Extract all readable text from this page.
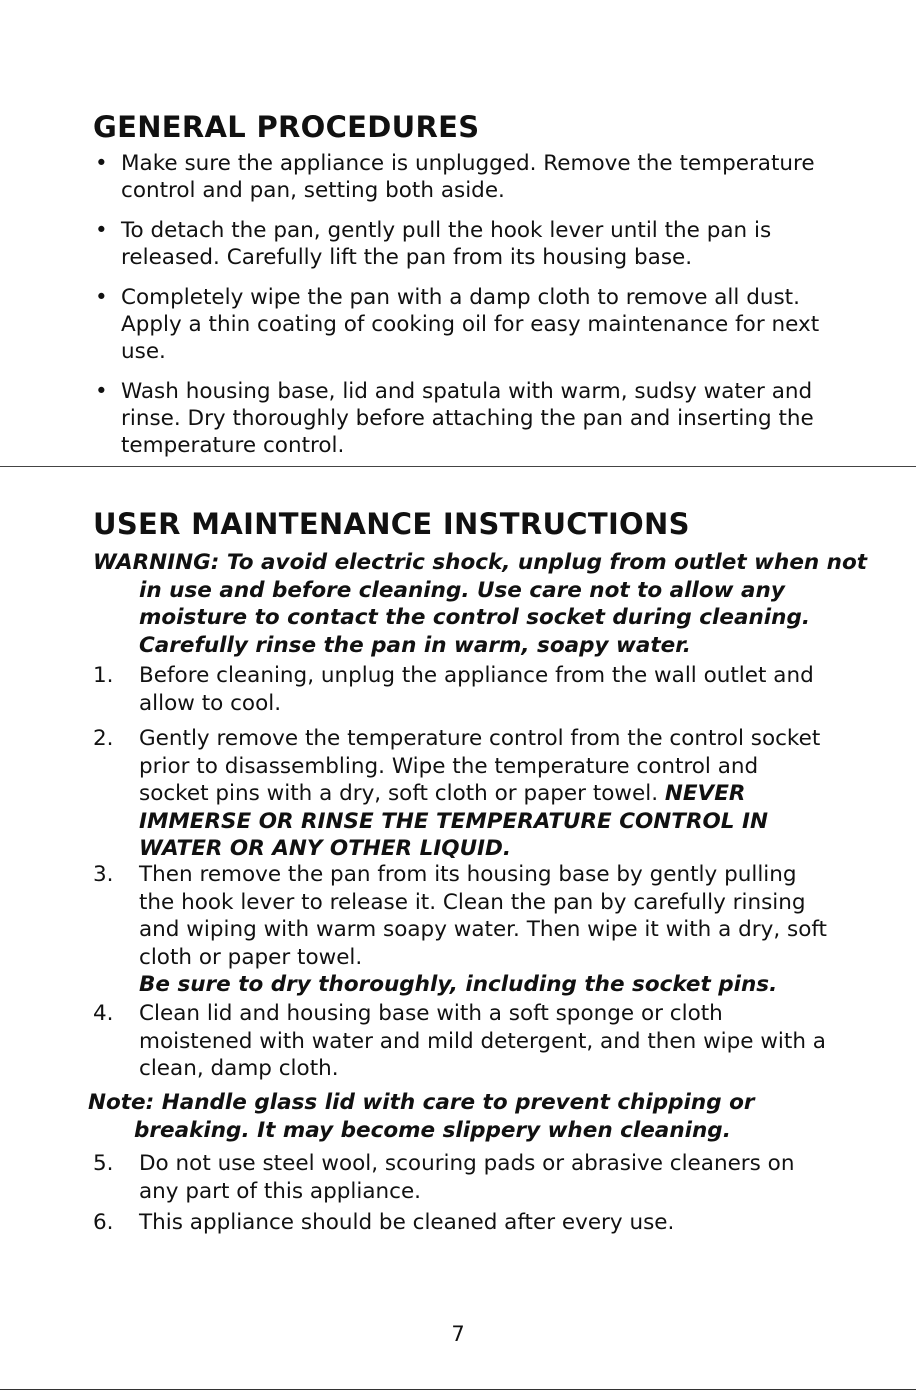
GENERAL PROCEDURES
• Make sure the appliance is unplugged. Remove the temperature control and pan, setting both aside.
• To detach the pan, gently pull the hook lever until the pan is released. Carefully lift the pan from its housing base.
• Completely wipe the pan with a damp cloth to remove all dust. Apply a thin coating of cooking oil for easy maintenance for next use.
• Wash housing base, lid and spatula with warm, sudsy water and rinse. Dry thoroughly before attaching the pan and inserting the temperature control.
USER MAINTENANCE INSTRUCTIONS
WARNING: To avoid electric shock, unplug from outlet when not in use and before cleaning. Use care not to allow any moisture to contact the control socket during cleaning. Carefully rinse the pan in warm, soapy water.
1.	Before cleaning, unplug the appliance from the wall outlet and allow to cool.
2.	Gently remove the temperature control from the control socket prior to disassembling. Wipe the temperature control and socket pins with a dry, soft cloth or paper towel. NEVER IMMERSE OR RINSE THE TEMPERATURE CONTROL IN WATER OR ANY OTHER LIQUID.
3.	Then remove the pan from its housing base by gently pulling the hook lever to release it. Clean the pan by carefully rinsing and wiping with warm soapy water. Then wipe it with a dry, soft cloth or paper towel.
Be sure to dry thoroughly, including the socket pins.
4.	Clean lid and housing base with a soft sponge or cloth moistened with water and mild detergent, and then wipe with a clean, damp cloth.
Note: Handle glass lid with care to prevent chipping or breaking. It may become slippery when cleaning.
5.	Do not use steel wool, scouring pads or abrasive cleaners on any part of this appliance.
6.	This appliance should be cleaned after every use.
7
